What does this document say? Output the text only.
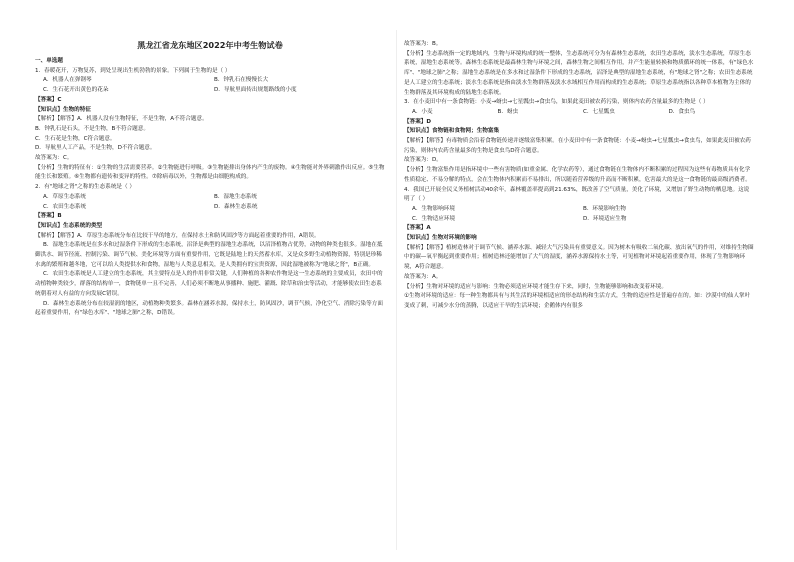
黑龙江省龙东地区2022年中考生物试卷
一、单选题

1．春暖花开，万物复苏，到处呈现出生机勃勃的景象。下列属于生物的是（ ）

A．机器人在弹钢琴	B．钟乳石在慢慢长大
C．生石花开出黄色的花朵	D．导航里面传出规划路线的小度

【答案】C

【知识点】生物的特征

【解析】【解答】A．机器人没有生物特征，不是生物，A不符合题意。

B．钟乳石是石头，不是生物，B不符合题意。

C．生石花是生物，C符合题意。

D．导航里人工产品，不是生物，D不符合题意。

故答案为：C。

【分析】生物的特征有：①生物的生活需要营养。②生物能进行呼吸。③生物能排出身体内产生的废物。④生物能对外界刺激作出反应。⑤生物能生长和繁殖。⑥生物都有遗传和变异的特性。⑦除病毒以外，生物都是由细胞构成的。

2．有"地球之肾"之称的生态系统是（ ）

A．草原生态系统	B．湿地生态系统
C．农田生态系统	D．森林生态系统

【答案】B

【知识点】生态系统的类型

【解析】【解答】A．草原生态系统分布在比较干旱的地方，在保持水土和防风固沙等方面起着重要的作用，A错误。

B．湿地生态系统是在多水和过湿条件下形成的生态系统，沼泽是典型的湿地生态系统，以沼泽植物占优势，动物的种类也很多。湿地在抵御洪水、调节径流、控制污染、调节气候、美化环境等方面有重要作用，它既是陆地上的天然蓄水库，又是众多野生动植物资源，特别是珍稀水禽的繁殖和越冬地，它可以给人类提供水和食物，湿地与人类息息相关，是人类拥有的宝贵资源，因此湿地被称为"地球之肾"，B正确。

C．农田生态系统是人工建立的生态系统，其主要特点是人的作用非常关键，人们种植的各种农作物是这一生态系统的主要成员，农田中的动植物种类较少，群落的结构单一，食物链单一且不完善，人们必须不断地从事播种、施肥、灌溉、除草和治虫等活动，才能够使农田生态系统朝着对人有益的方向发展C错误。

D．森林生态系统分布在较湿润的地区，动植物种类繁多。森林在涵养水源，保持水土，防风固沙，调节气候，净化空气、消除污染等方面起着重要作用，有"绿色水库"、"地球之肺"之称，D错误。

故答案为：B。

【分析】生态系统指一定的地域内，生物与环境构成的统一整体，生态系统可分为有森林生态系统，农田生态系统，淡水生态系统，草原生态系统，湿地生态系统等。森林生态系统是最森林生物与环境之间，森林生物之间相互作用，并产生能量转换和物质循环的统一体系，有"绿色水库"、"地球之肺"之称；湿地生态系统是在多水和过湿条件下形成的生态系统，沼泽是典型的湿地生态系统，有"地球之肾"之称；农田生态系统是人工建立的生态系统；淡水生态系统是指由淡水生物群落及淡水水域相互作用而构成的生态系统；草原生态系统指以各种草本植物为主体的生物群落及其环境构成的陆地生态系统。

3．在小麦田中有一条食物链：小麦→蚜虫→七星瓢虫→食虫鸟，如果此麦田被农药污染，则体内农药含量最多的生物是（ ）

A．小麦	B．蚜虫	C．七星瓢虫	D．食虫鸟

【答案】D

【知识点】食物链和食物网；生物富集

【解析】【解答】有毒物质会沿着食物链传递并逐级富集积累。在小麦田中有一条食物链：小麦→蚜虫→七星瓢虫→食虫鸟，如果此麦田被农药污染，则体内农药含量最多的生物是食虫鸟D符合题意。

故答案为：D。

【分析】生物富集作用是指环境中一些有害物质(如重金属、化学农药等），通过食物链在生物体内不断积累的过程因为这些有毒物质具有化学性质稳定、不易分解的特点，会在生物体内积累而不易排出，所以随着营养级的升高而不断积累，危害最大的是这一食物链的最高级消费者。

4．我国已开展全民义务植树活动40余年，森林覆盖率提高到21.63%，既改善了空气质量，美化了环境，又增加了野生动物的栖息地。这说明了（ ）

A．生物影响环境	B．环境影响生物
C．生物适应环境	D．环境适应生物

【答案】A

【知识点】生物对环境的影响

【解析】【解答】植树造林对于调节气候、涵养水源、减轻大气污染具有重要意义。因为树木有吸收二氧化碳、放出氧气的作用，对维持生物圈中的碳—氧平衡起到重要作用；植树造林还能增加了大气的湿度，涵养水源保持水土等，可见植物对环境起着重要作用，体现了生物影响环境，A符合题意。

故答案为：A。

【分析】生物对环境的适应与影响：生物必须适应环境才能生存下来，同时，生物能够影响和改变着环境。

①生物对环境的适应：每一种生物都具有与其生活的环境相适应的形态结构和生活方式，生物的适应性是普遍存在的。如：沙漠中的仙人掌叶变成了刺，可减少水分的蒸腾，以适应干旱的生活环境；企鹅体内有很多
